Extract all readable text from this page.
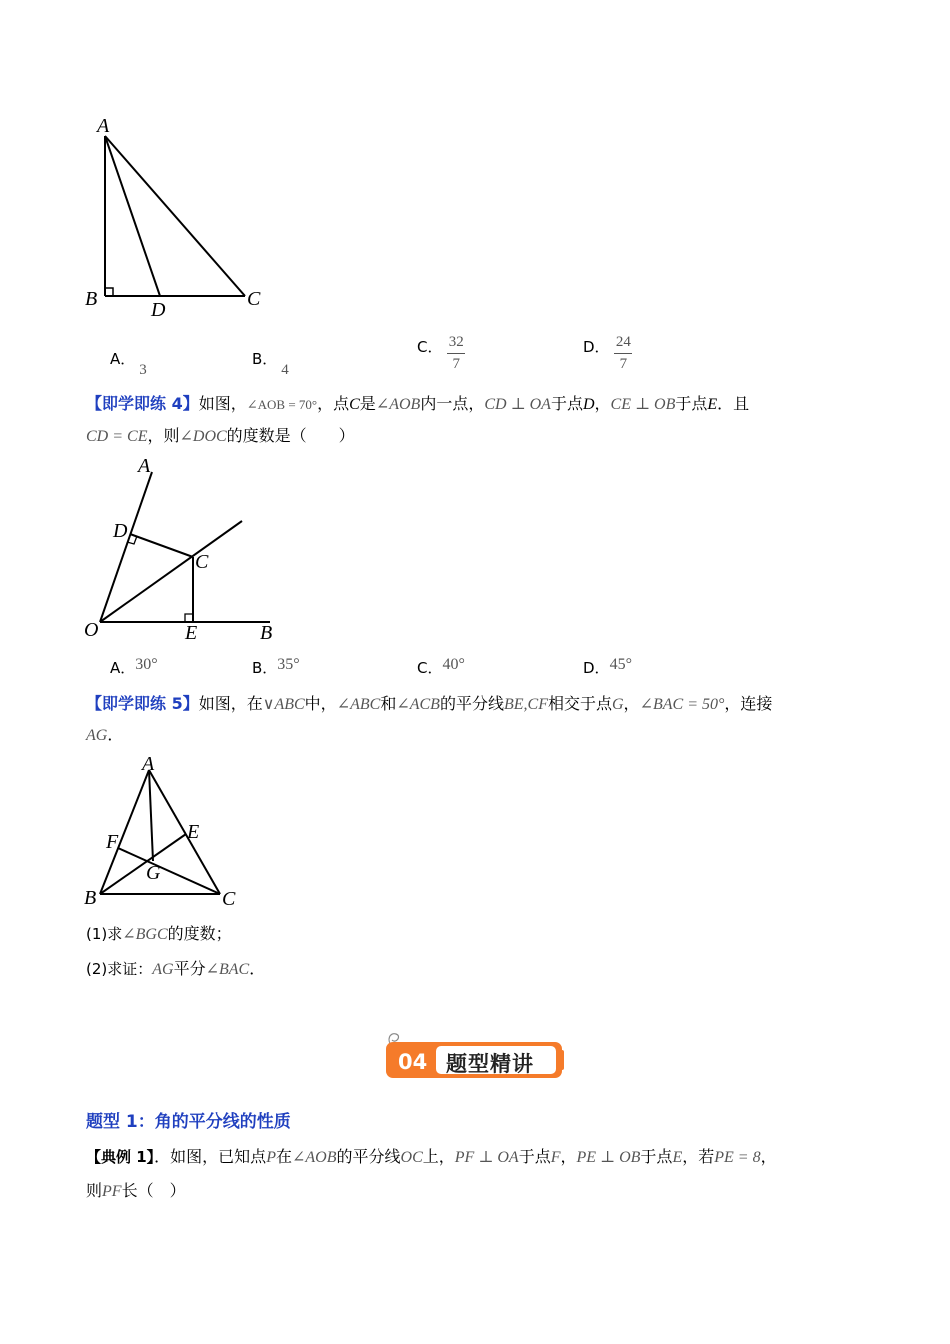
A
B	D	C
A．3
B．4
C． $\frac{32}{7}$	D． $\frac{24}{7}$
【即学即练 4】如图，∠AOB = 70°，点C是∠AOB内一点，CD ⊥ OA于点D，CE ⊥ OB于点E．且
CD = CE，则∠DOC的度数是（　　）
A
D
C
O	E	B
A．30°	B．35°	C．40°	D．45°
【即学即练 5】如图，在∨ABC中，∠ABC和∠ACB的平分线BE,CF相交于点G，∠BAC = 50°，连接
AG．
A
F	E
G
B	C
(1)求∠BGC的度数；
(2)求证：AG平分∠BAC．
04 题型精讲
题型 1：角的平分线的性质
【典例 1】．如图，已知点P在∠AOB的平分线OC上，PF ⊥ OA于点F，PE ⊥ OB于点E，若PE = 8，
则PF长（　）
